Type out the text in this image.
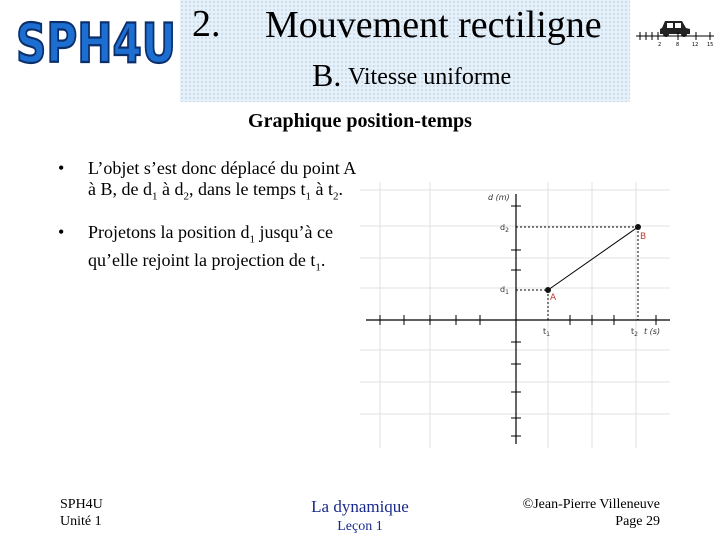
SPH4U 2. Mouvement rectiligne
B. Vitesse uniforme
2	8	12 15
Graphique position-temps
• L’objet s’est donc déplacé du point A à B, de $d_1$ à $d_2$, dans le temps $t_1$ à $t_2$.
• Projetons la position $d_1$ jusqu’à ce qu’elle rejoint la projection de $t_1$.
d (m)
t (s)
$d_2$
$d_1$
$t_1$	$t_2$
A
B
SPH4U
Unité 1
La dynamique
Leçon 1
©Jean-Pierre Villeneuve
Page 29
